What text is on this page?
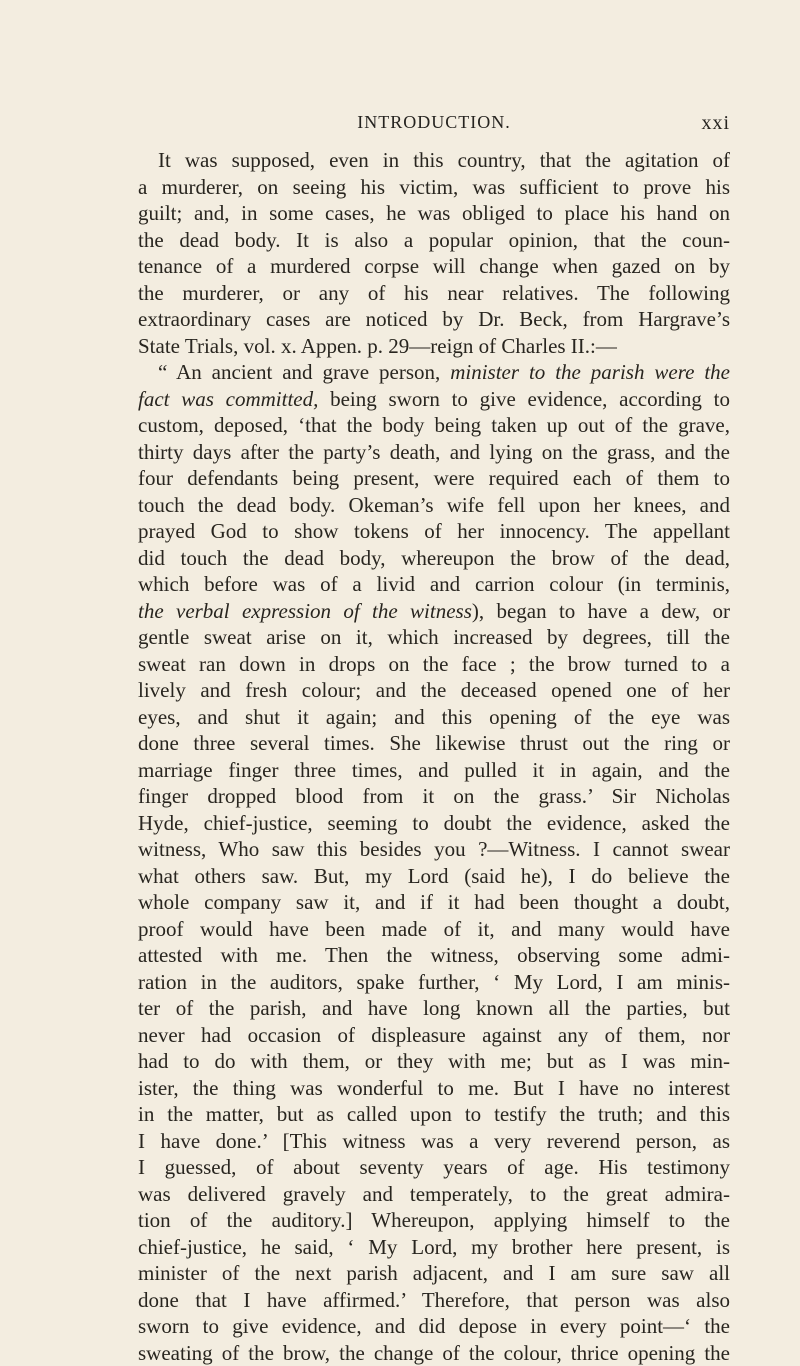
INTRODUCTION.	xxi
It was supposed, even in this country, that the agitation of
a murderer, on seeing his victim, was sufficient to prove his
guilt; and, in some cases, he was obliged to place his hand on
the dead body. It is also a popular opinion, that the coun-
tenance of a murdered corpse will change when gazed on by
the murderer, or any of his near relatives. The following
extraordinary cases are noticed by Dr. Beck, from Hargrave’s
State Trials, vol. x. Appen. p. 29—reign of Charles II.:—
“ An ancient and grave person, minister to the parish were the
fact was committed, being sworn to give evidence, according to
custom, deposed, ‘that the body being taken up out of the grave,
thirty days after the party’s death, and lying on the grass, and the
four defendants being present, were required each of them to
touch the dead body. Okeman’s wife fell upon her knees, and
prayed God to show tokens of her innocency. The appellant
did touch the dead body, whereupon the brow of the dead,
which before was of a livid and carrion colour (in terminis,
the verbal expression of the witness), began to have a dew, or
gentle sweat arise on it, which increased by degrees, till the
sweat ran down in drops on the face ; the brow turned to a
lively and fresh colour; and the deceased opened one of her
eyes, and shut it again; and this opening of the eye was
done three several times. She likewise thrust out the ring or
marriage finger three times, and pulled it in again, and the
finger dropped blood from it on the grass.’ Sir Nicholas
Hyde, chief-justice, seeming to doubt the evidence, asked the
witness, Who saw this besides you ?—Witness. I cannot swear
what others saw. But, my Lord (said he), I do believe the
whole company saw it, and if it had been thought a doubt,
proof would have been made of it, and many would have
attested with me. Then the witness, observing some admi-
ration in the auditors, spake further, ‘ My Lord, I am minis-
ter of the parish, and have long known all the parties, but
never had occasion of displeasure against any of them, nor
had to do with them, or they with me; but as I was min-
ister, the thing was wonderful to me. But I have no interest
in the matter, but as called upon to testify the truth; and this
I have done.’ [This witness was a very reverend person, as
I guessed, of about seventy years of age. His testimony
was delivered gravely and temperately, to the great admira-
tion of the auditory.] Whereupon, applying himself to the
chief-justice, he said, ‘ My Lord, my brother here present, is
minister of the next parish adjacent, and I am sure saw all
done that I have affirmed.’ Therefore, that person was also
sworn to give evidence, and did depose in every point—‘ the
sweating of the brow, the change of the colour, thrice opening the
